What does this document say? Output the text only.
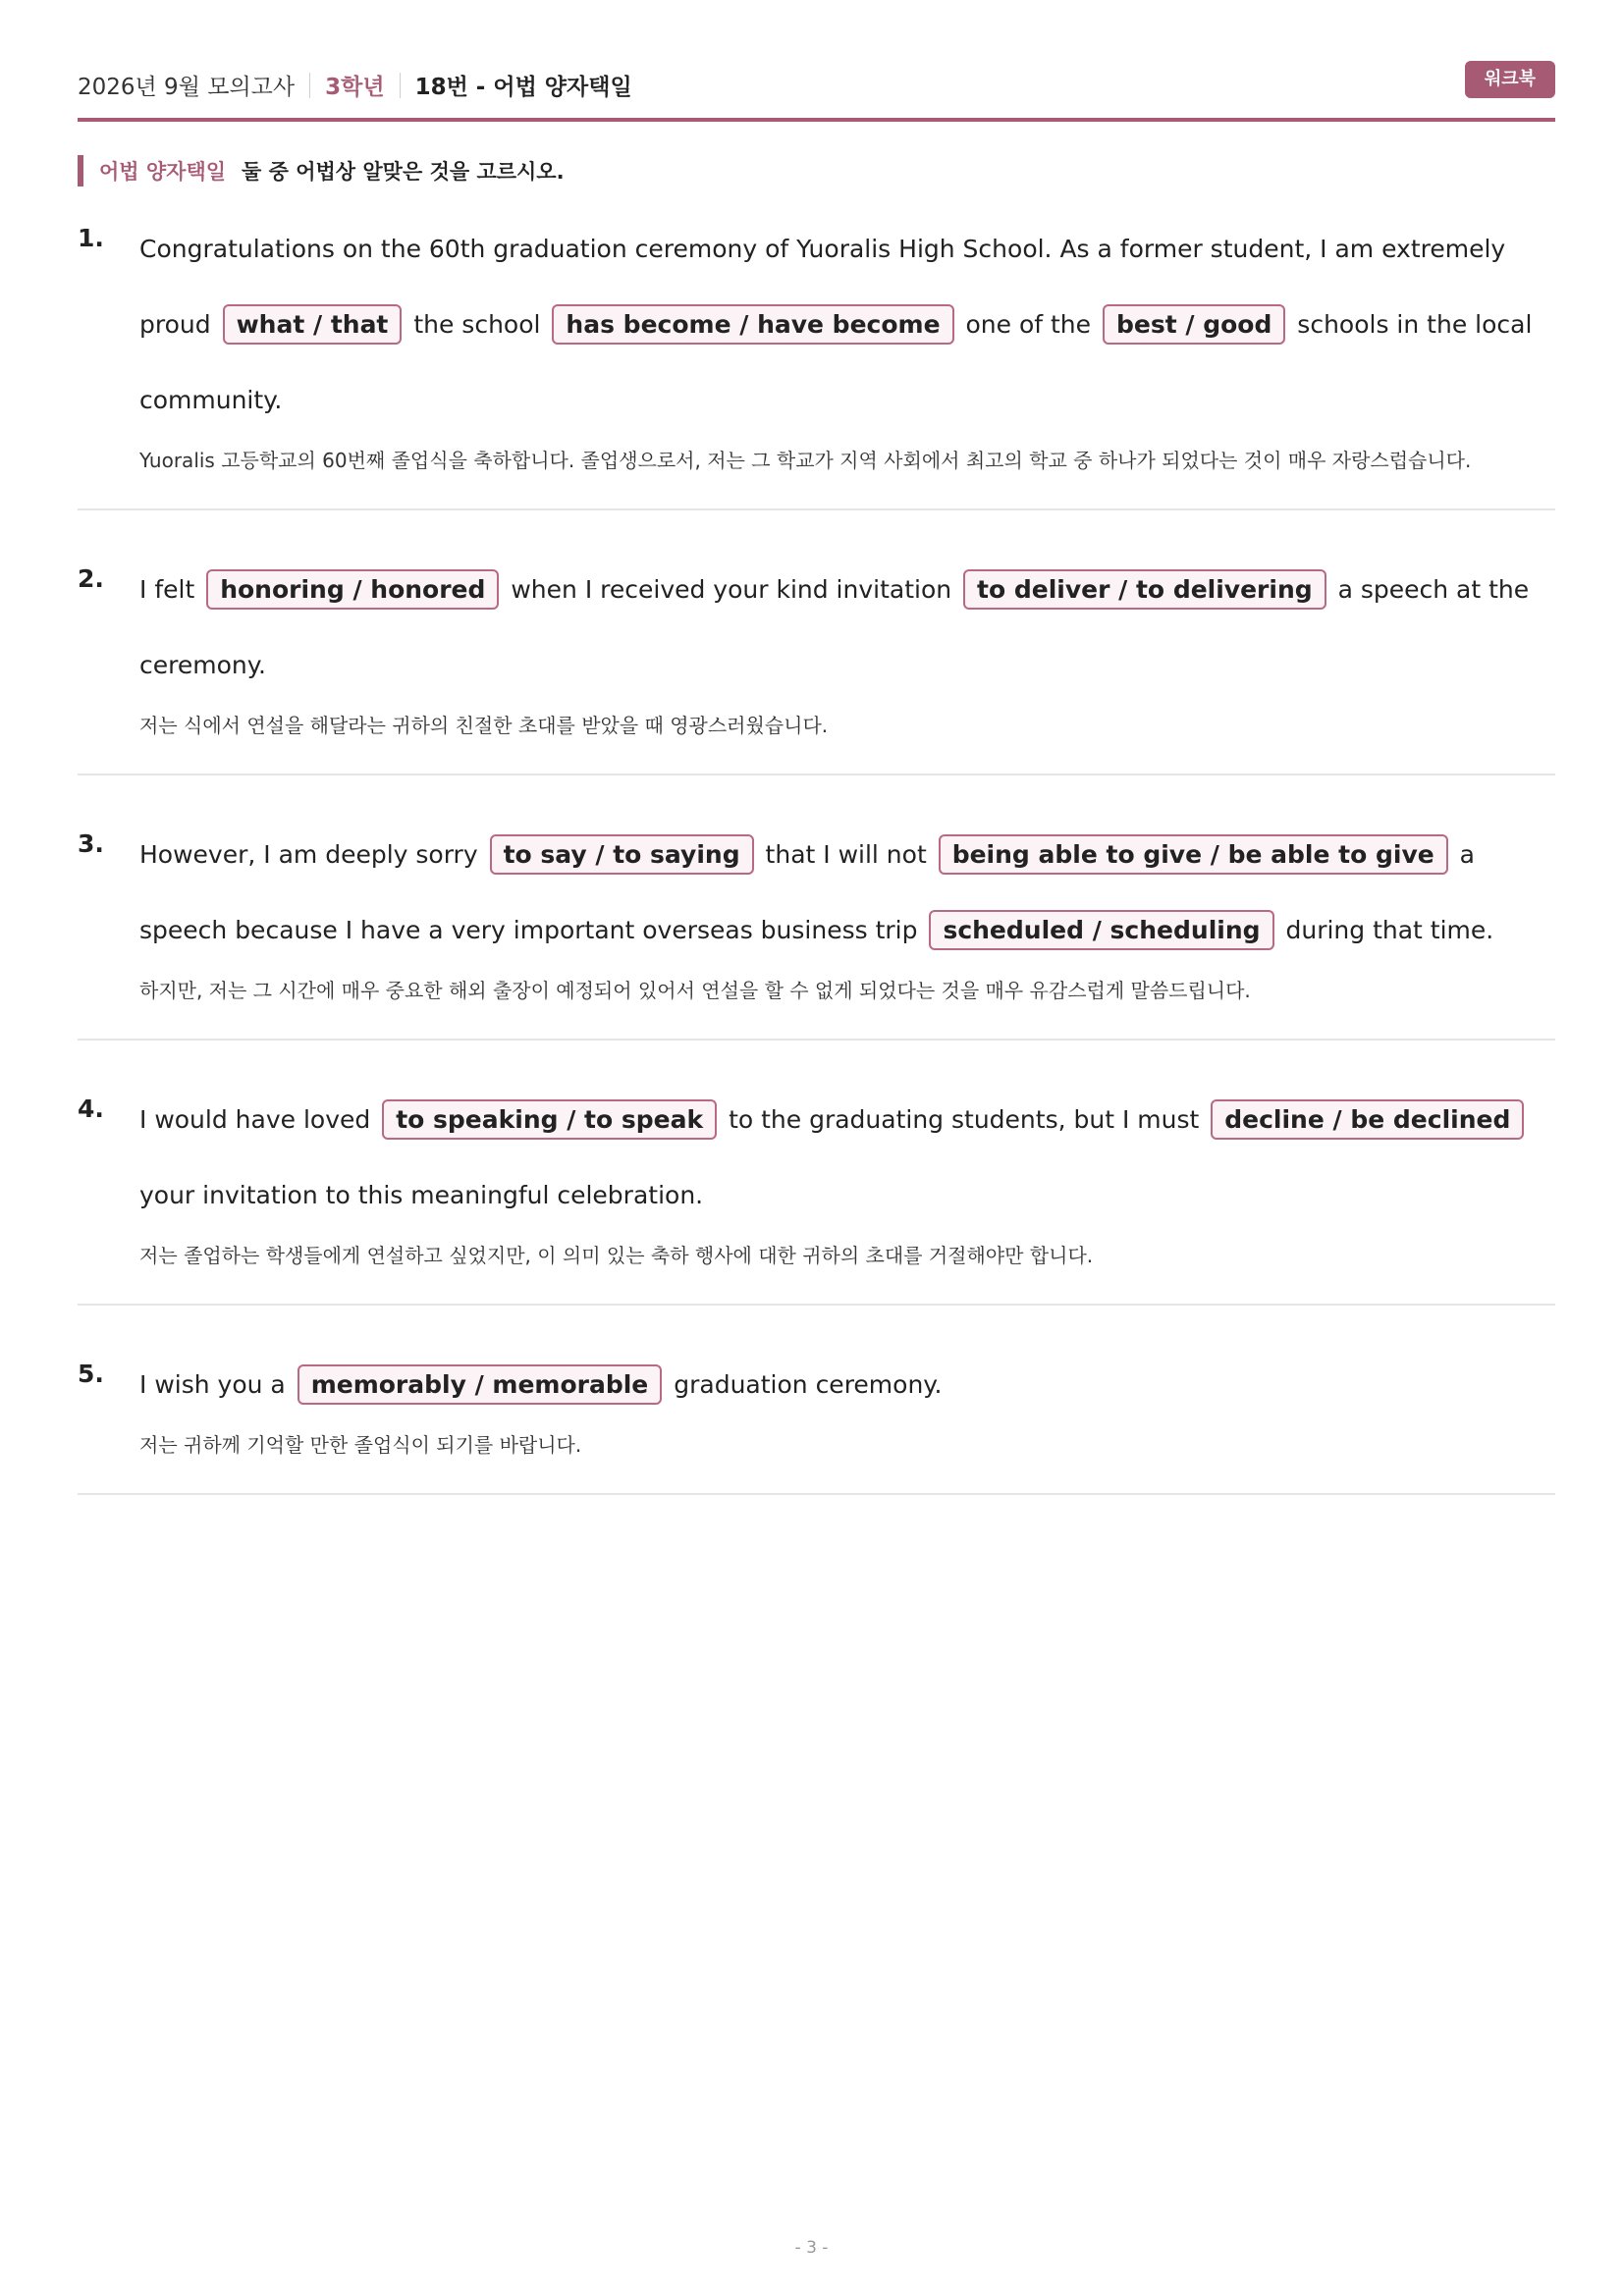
2026년 9월 모의고사 3학년 18번 - 어법 양자택일	워크북
어법 양자택일 둘 중 어법상 알맞은 것을 고르시오.
1. Congratulations on the 60th graduation ceremony of Yuoralis High School. As a former student, I am extremely proud what / that the school has become / have become one of the best / good schools in the local community.
Yuoralis 고등학교의 60번째 졸업식을 축하합니다. 졸업생으로서, 저는 그 학교가 지역 사회에서 최고의 학교 중 하나가 되었다는 것이 매우 자랑스럽습니다.
2. I felt honoring / honored when I received your kind invitation to deliver / to delivering a speech at the ceremony.
저는 식에서 연설을 해달라는 귀하의 친절한 초대를 받았을 때 영광스러웠습니다.
3. However, I am deeply sorry to say / to saying that I will not being able to give / be able to give a speech because I have a very important overseas business trip scheduled / scheduling during that time.
하지만, 저는 그 시간에 매우 중요한 해외 출장이 예정되어 있어서 연설을 할 수 없게 되었다는 것을 매우 유감스럽게 말씀드립니다.
4. I would have loved to speaking / to speak to the graduating students, but I must decline / be declined your invitation to this meaningful celebration.
저는 졸업하는 학생들에게 연설하고 싶었지만, 이 의미 있는 축하 행사에 대한 귀하의 초대를 거절해야만 합니다.
5. I wish you a memorably / memorable graduation ceremony.
저는 귀하께 기억할 만한 졸업식이 되기를 바랍니다.
- 3 -
